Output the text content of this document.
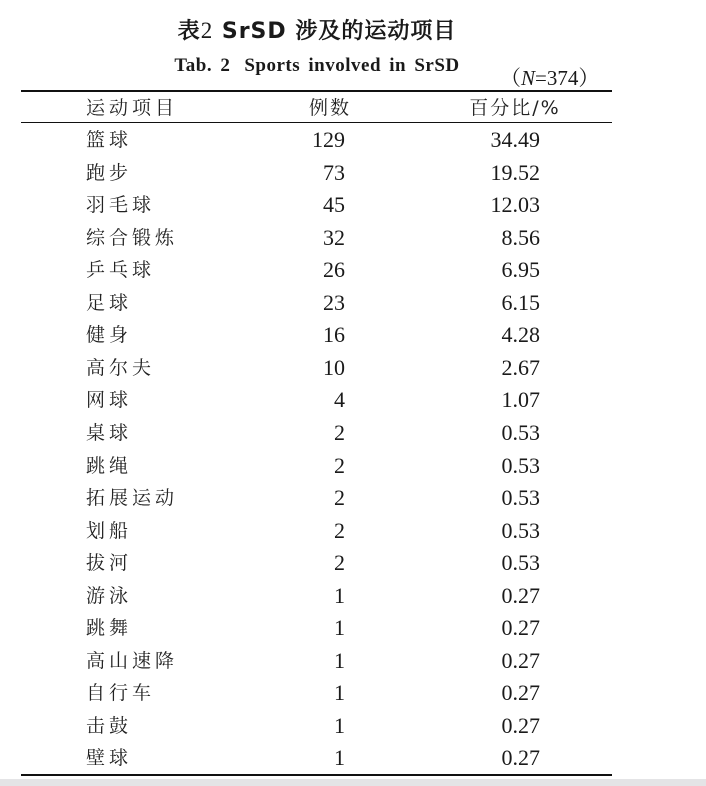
表2 SrSD 涉及的运动项目
Tab. 2 Sports involved in SrSD
（N=374）
运动项目	例数	百分比/%
篮球	129	34.49
跑步	73	19.52
羽毛球	45	12.03
综合锻炼	32	8.56
乒乓球	26	6.95
足球	23	6.15
健身	16	4.28
高尔夫	10	2.67
网球	4	1.07
桌球	2	0.53
跳绳	2	0.53
拓展运动	2	0.53
划船	2	0.53
拔河	2	0.53
游泳	1	0.27
跳舞	1	0.27
高山速降	1	0.27
自行车	1	0.27
击鼓	1	0.27
壁球	1	0.27
